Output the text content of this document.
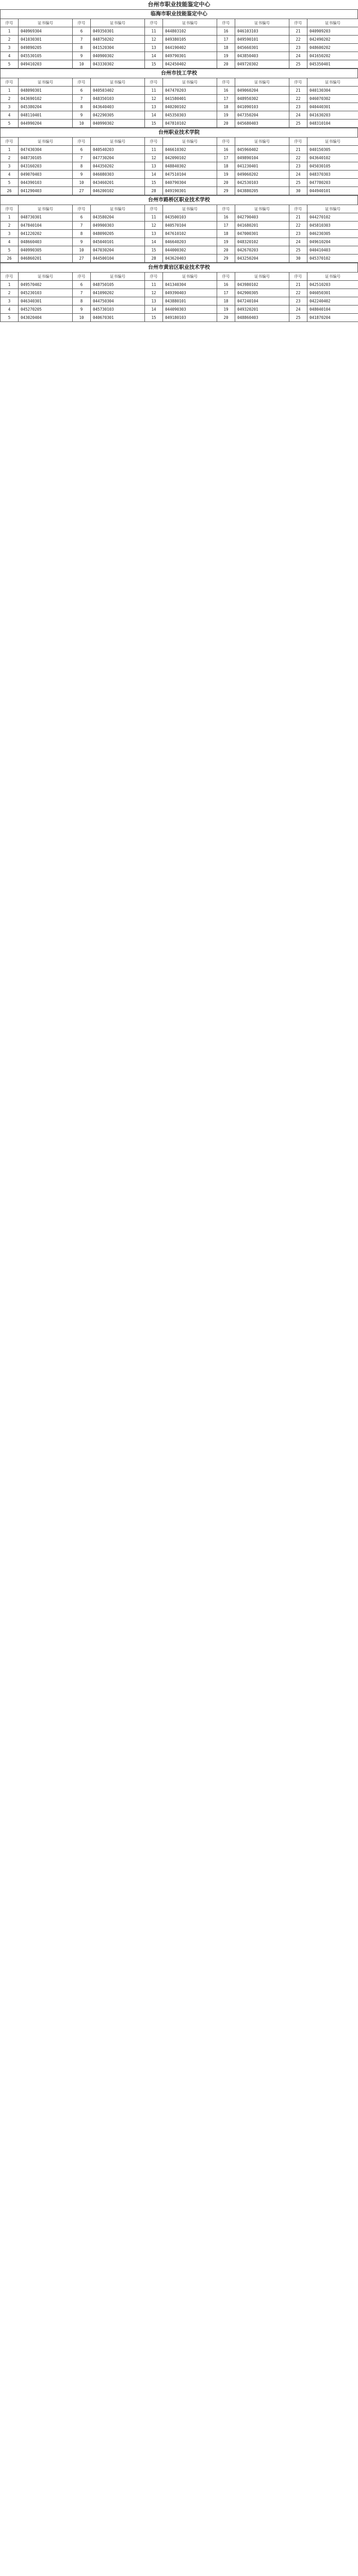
台州市职业技能鉴定中心
临海市职业技能鉴定中心
序号	证书编号	序号	证书编号	序号	证书编号	序号	证书编号	序号	证书编号
1	040969304	6	049350301	11	044803102	16	046103103	21	040909203
2	041030301	7	048750202	12	049380105	17	049590101	22	042490202
3	049890205	8	041520304	13	044190402	18	045660301	23	048600202
4	045530105	9	040900302	14	049790301	19	043850403	24	041650202
5	049410203	10	043330302	15	042450402	20	049720302	25	045350401
台州市技工学校
序号	证书编号	序号	证书编号	序号	证书编号	序号	证书编号	序号	证书编号
1	048090301	6	040503402	11	047470203	16	049060204	21	040130304
2	043690102	7	048350103	12	041580401	17	048950302	22	046070302
3	045380204	8	043640403	13	040200102	18	041090103	23	040440301
4	048110401	9	042290305	14	045350303	19	047350204	24	041630203
5	044990204	10	040990302	15	047810102	20	045680403	25	048310104
台州职业技术学院
序号	证书编号	序号	证书编号	序号	证书编号	序号	证书编号	序号	证书编号
1	047430304	6	040540203	11	046610302	16	045960402	21	040150305
2	048730105	7	047730204	12	042090102	17	049890104	22	043640102
3	043160203	8	044350202	13	048840302	18	041230401	23	045030105
4	049070403	9	046080303	14	047510104	19	049060202	24	048370303
5	044390103	10	043460201	15	040790304	20	042530103	25	047780203
26	041290403	27	046200102	28	049190301	29	043880205	30	044940101
台州市路桥区职业技术学校
序号	证书编号	序号	证书编号	序号	证书编号	序号	证书编号	序号	证书编号
1	048730301	6	043580204	11	043500103	16	042790403	21	044270102
2	047840104	7	049900303	12	040570104	17	041680201	22	045810303
3	041220202	8	048090205	13	047610102	18	047000301	23	046230305
4	048660403	9	045040101	14	046640203	19	048320102	24	049610204
5	040990305	10	047030204	15	044000302	20	042670203	25	040410403
26	046860201	27	044500104	28	043620403	29	043250204	30	045370102
台州市黄岩区职业技术学校
序号	证书编号	序号	证书编号	序号	证书编号	序号	证书编号	序号	证书编号
1	049570402	6	048750105	11	041340304	16	043980102	21	042510203
2	045230103	7	041090202	12	049390403	17	042900305	22	046050301
3	046340301	8	044750304	13	043880101	18	047240104	23	042240402
4	045270205	9	045730103	14	044090303	19	049320201	24	048040104
5	043020404	10	040670301	15	049180103	20	048860403	25	041870204
